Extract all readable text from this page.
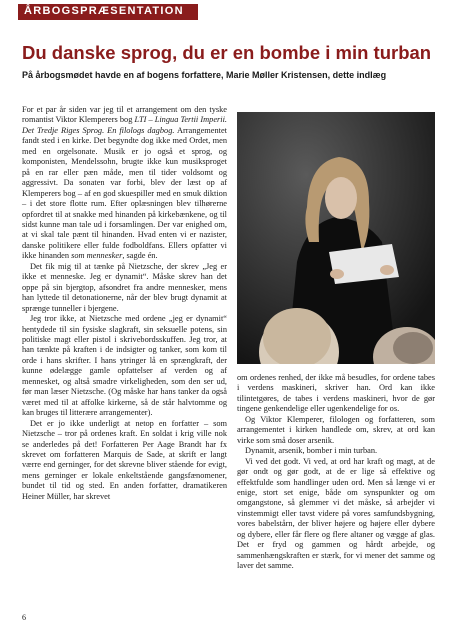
ÅRBOGSPRÆSENTATION
Du danske sprog, du er en bombe i min turban
På årbogsmødet havde en af bogens forfattere, Marie Møller Kristensen, dette indlæg

For et par år siden var jeg til et arrangement om den tyske romantist Viktor Klemperers bog LTI – Lingua Tertii Imperii. Det Tredje Riges Sprog. En filologs dagbog. Arrangementet fandt sted i en kirke. Det begyndte dog ikke med Ordet, men med en orgelsonate. Musik er jo også et sprog, og komponisten, Mendelssohn, brugte ikke kun musiksproget på en rar eller pæn måde, men til tider voldsomt og aggressivt. Da sonaten var forbi, blev der læst op af Klemperers bog – af en god skuespiller med en smuk diktion – i det store flotte rum. Efter oplæsningen blev tilhørerne opfordret til at snakke med hinanden på kirkebænkene, og til sidst kunne man tale ud i forsamlingen. Der var enighed om, at vi skal tale pænt til hinanden. Hvad enten vi er nazister, danske politikere eller fulde fodboldfans. Ellers opfatter vi ikke hinanden som mennesker, sagde én.

Det fik mig til at tænke på Nietzsche, der skrev „Jeg er ikke et menneske. Jeg er dynamit“. Måske skrev han det oppe på sin bjergtop, afsondret fra andre mennesker, mens han lyttede til detonationerne, når der blev brugt dynamit at sprænge tunneller i bjergene.

Jeg tror ikke, at Nietzsche med ordene „jeg er dynamit“ hentydede til sin fysiske slagkraft, sin seksuelle potens, sin politiske magt eller pistol i skrivebordsskuffen. Jeg tror, at han tænkte på kraften i de indsigter og tanker, som kom til orde i hans skrifter. I hans ytringer lå en sprængkraft, der kunne ødelægge gamle opfattelser af verden og af mennesket, og altså smadre virkeligheden, som den ser ud, før man læser Nietzsche. (Og måske har hans tanker da også været med til at affolke kirkerne, så de står halvtomme og kan bruges til litterære arrangementer).

Det er jo ikke underligt at netop en forfatter – som Nietzsche – tror på ordenes kraft. En soldat i krig ville nok se anderledes på det! Forfatteren Per Aage Brandt har fx skrevet om forfatteren Marquis de Sade, at skrift er langt værre end gerninger, for det skrevne bliver stående for evigt, mens gerninger er lokale enkeltstående gangsfænomener, bundet til tid og sted. En anden forfatter, dramatikeren Heiner Müller, har skrevet

om ordenes renhed, der ikke må besudles, for ordene tabes i verdens maskineri, skriver han. Ord kan ikke tilintetgøres, de tabes i verdens maskineri, hvor de gør tingene genkendelige eller ugenkendelige for os.

Og Viktor Klemperer, filologen og forfatteren, som arrangementet i kirken handlede om, skrev, at ord kan virke som små doser arsenik.

Dynamit, arsenik, bomber i min turban.

Vi ved det godt. Vi ved, at ord har kraft og magt, at de gør ondt og gør godt, at de er lige så effektive og effektfulde som handlinger uden ord. Men så længe vi er enige, stort set enige, både om synspunkter og om omgangstone, så glemmer vi det måske, så arbejder vi vinstemmigt eller tavst videre på vores samfundsbygning, vores babelstårn, der bliver højere og højere eller dybere og dybere, eller får flere og flere altaner og vægge af glas. Det er fryd og gammen og hårdt arbejde, og sammenhængskraften er stærk, for vi mener det samme og laver det samme.

6
